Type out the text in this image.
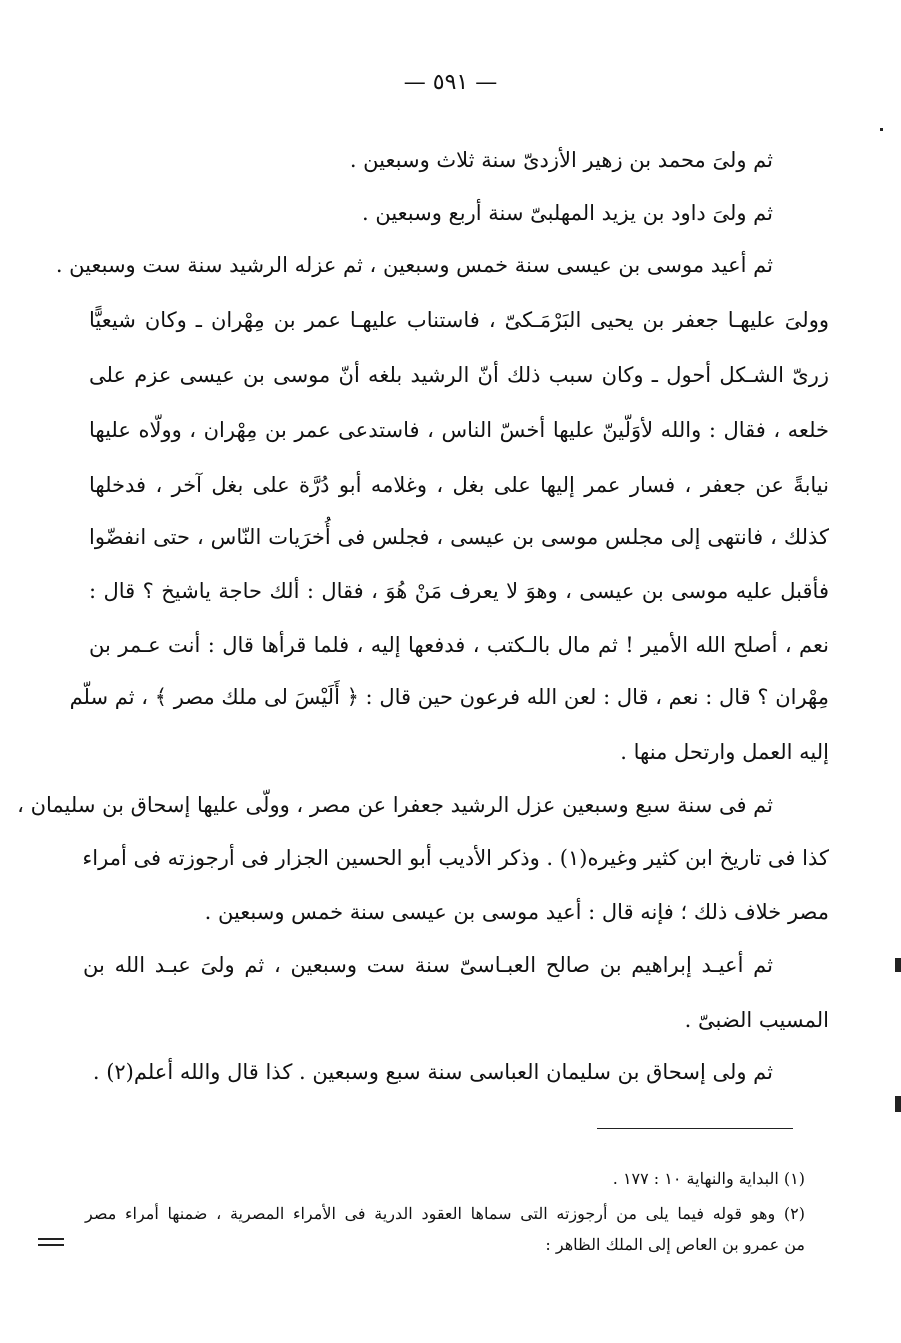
— ٥٩١ —
ثم ولىَ محمد بن زهير الأزدىّ سنة ثلاث وسبعين .
ثم ولىَ داود بن يزيد المهلبىّ سنة أربع وسبعين .
ثم أعيد موسى بن عيسى سنة خمس وسبعين ، ثم عزله الرشيد سنة ست وسبعين .
وولىَ عليهـا جعفر بن يحيى البَرْمَـكىّ ، فاستناب عليهـا عمر بن مِهْران ـ وكان شيعيًّا
زرىّ الشـكل أحول ـ وكان سبب ذلك أنّ الرشيد بلغه أنّ موسى بن عيسى عزم على
خلعه ، فقال : والله لأوَلّينّ عليها أخسّ الناس ، فاستدعى عمر بن مِهْران ، وولّاه عليها
نيابةً عن جعفر ، فسار عمر إليها على بغل ، وغلامه أبو دُرَّة على بغل آخر ، فدخلها
كذلك ، فانتهى إلى مجلس موسى بن عيسى ، فجلس فى أُخرَيات النّاس ، حتى انفضّوا
فأقبل عليه موسى بن عيسى ، وهوَ لا يعرف مَنْ هُوَ ، فقال : ألك حاجة ياشيخ ؟ قال :
نعم ، أصلح الله الأمير ! ثم مال بالـكتب ، فدفعها إليه ، فلما قرأها قال : أنت عـمر بن
مِهْران ؟ قال : نعم ، قال : لعن الله فرعون حين قال : ﴿ أَلَيْسَ لى ملك مصر ﴾ ، ثم سلّم
إليه العمل وارتحل منها .
ثم فى سنة سبع وسبعين عزل الرشيد جعفرا عن مصر ، وولّى عليها إسحاق بن سليمان ،
كذا فى تاريخ ابن كثير وغيره(١) . وذكر الأديب أبو الحسين الجزار فى أرجوزته فى أمراء
مصر خلاف ذلك ؛ فإنه قال : أعيد موسى بن عيسى سنة خمس وسبعين .
ثم أعيـد إبراهيم بن صالح العبـاسىّ سنة ست وسبعين ، ثم ولىَ عبـد الله بن
المسيب الضبىّ .
ثم ولى إسحاق بن سليمان العباسى سنة سبع وسبعين . كذا قال والله أعلم(٢) .
(١) البداية والنهاية ١٠ : ١٧٧ .
(٢) وهو قوله فيما يلى من أرجوزته التى سماها العقود الدرية فى الأمراء المصرية ، ضمنها أمراء مصر
من عمرو بن العاص إلى الملك الظاهر :
